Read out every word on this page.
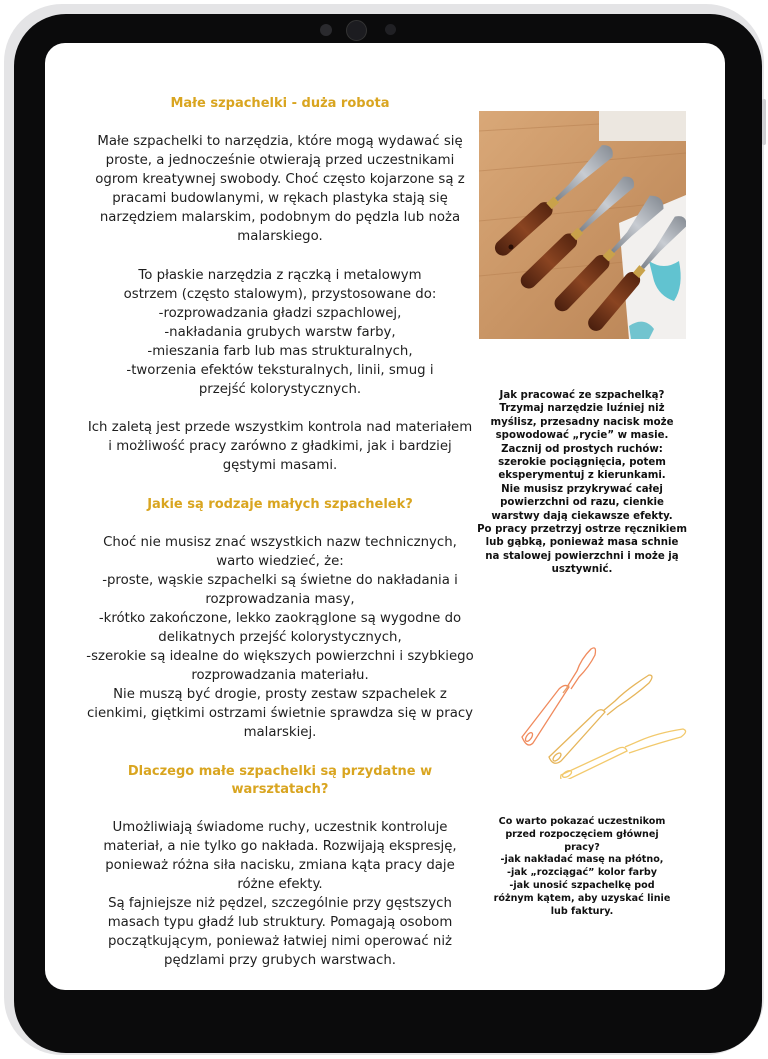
Małe szpachelki - duża robota

Małe szpachelki to narzędzia, które mogą wydawać się proste, a jednocześnie otwierają przed uczestnikami ogrom kreatywnej swobody. Choć często kojarzone są z pracami budowlanymi, w rękach plastyka stają się narzędziem malarskim, podobnym do pędzla lub noża malarskiego.

To płaskie narzędzia z rączką i metalowym ostrzem (często stalowym), przystosowane do:
-rozprowadzania gładzi szpachlowej,
-nakładania grubych warstw farby,
-mieszania farb lub mas strukturalnych,
-tworzenia efektów teksturalnych, linii, smug i przejść kolorystycznych.

Ich zaletą jest przede wszystkim kontrola nad materiałem i możliwość pracy zarówno z gładkimi, jak i bardziej gęstymi masami.

Jakie są rodzaje małych szpachelek?

Choć nie musisz znać wszystkich nazw technicznych, warto wiedzieć, że:
-proste, wąskie szpachelki są świetne do nakładania i rozprowadzania masy,
-krótko zakończone, lekko zaokrąglone są wygodne do delikatnych przejść kolorystycznych,
-szerokie są idealne do większych powierzchni i szybkiego rozprowadzania materiału.
Nie muszą być drogie, prosty zestaw szpachelek z cienkimi, giętkimi ostrzami świetnie sprawdza się w pracy malarskiej.

Dlaczego małe szpachelki są przydatne w warsztatach?

Umożliwiają świadome ruchy, uczestnik kontroluje materiał, a nie tylko go nakłada. Rozwijają ekspresję, ponieważ różna siła nacisku, zmiana kąta pracy daje różne efekty.
Są fajniejsze niż pędzel, szczególnie przy gęstszych masach typu gładź lub struktury. Pomagają osobom początkującym, ponieważ łatwiej nimi operować niż pędzlami przy grubych warstwach.

Jak pracować ze szpachelką?
Trzymaj narzędzie luźniej niż myślisz, przesadny nacisk może spowodować „rycie” w masie.
Zacznij od prostych ruchów: szerokie pociągnięcia, potem eksperymentuj z kierunkami.
Nie musisz przykrywać całej powierzchni od razu, cienkie warstwy dają ciekawsze efekty.
Po pracy przetrzyj ostrze ręcznikiem lub gąbką, ponieważ masa schnie na stalowej powierzchni i może ją usztywnić.
Co warto pokazać uczestnikom przed rozpoczęciem głównej pracy?
-jak nakładać masę na płótno,
-jak „rozciągać” kolor farby
-jak unosić szpachelkę pod różnym kątem, aby uzyskać linie lub faktury.
